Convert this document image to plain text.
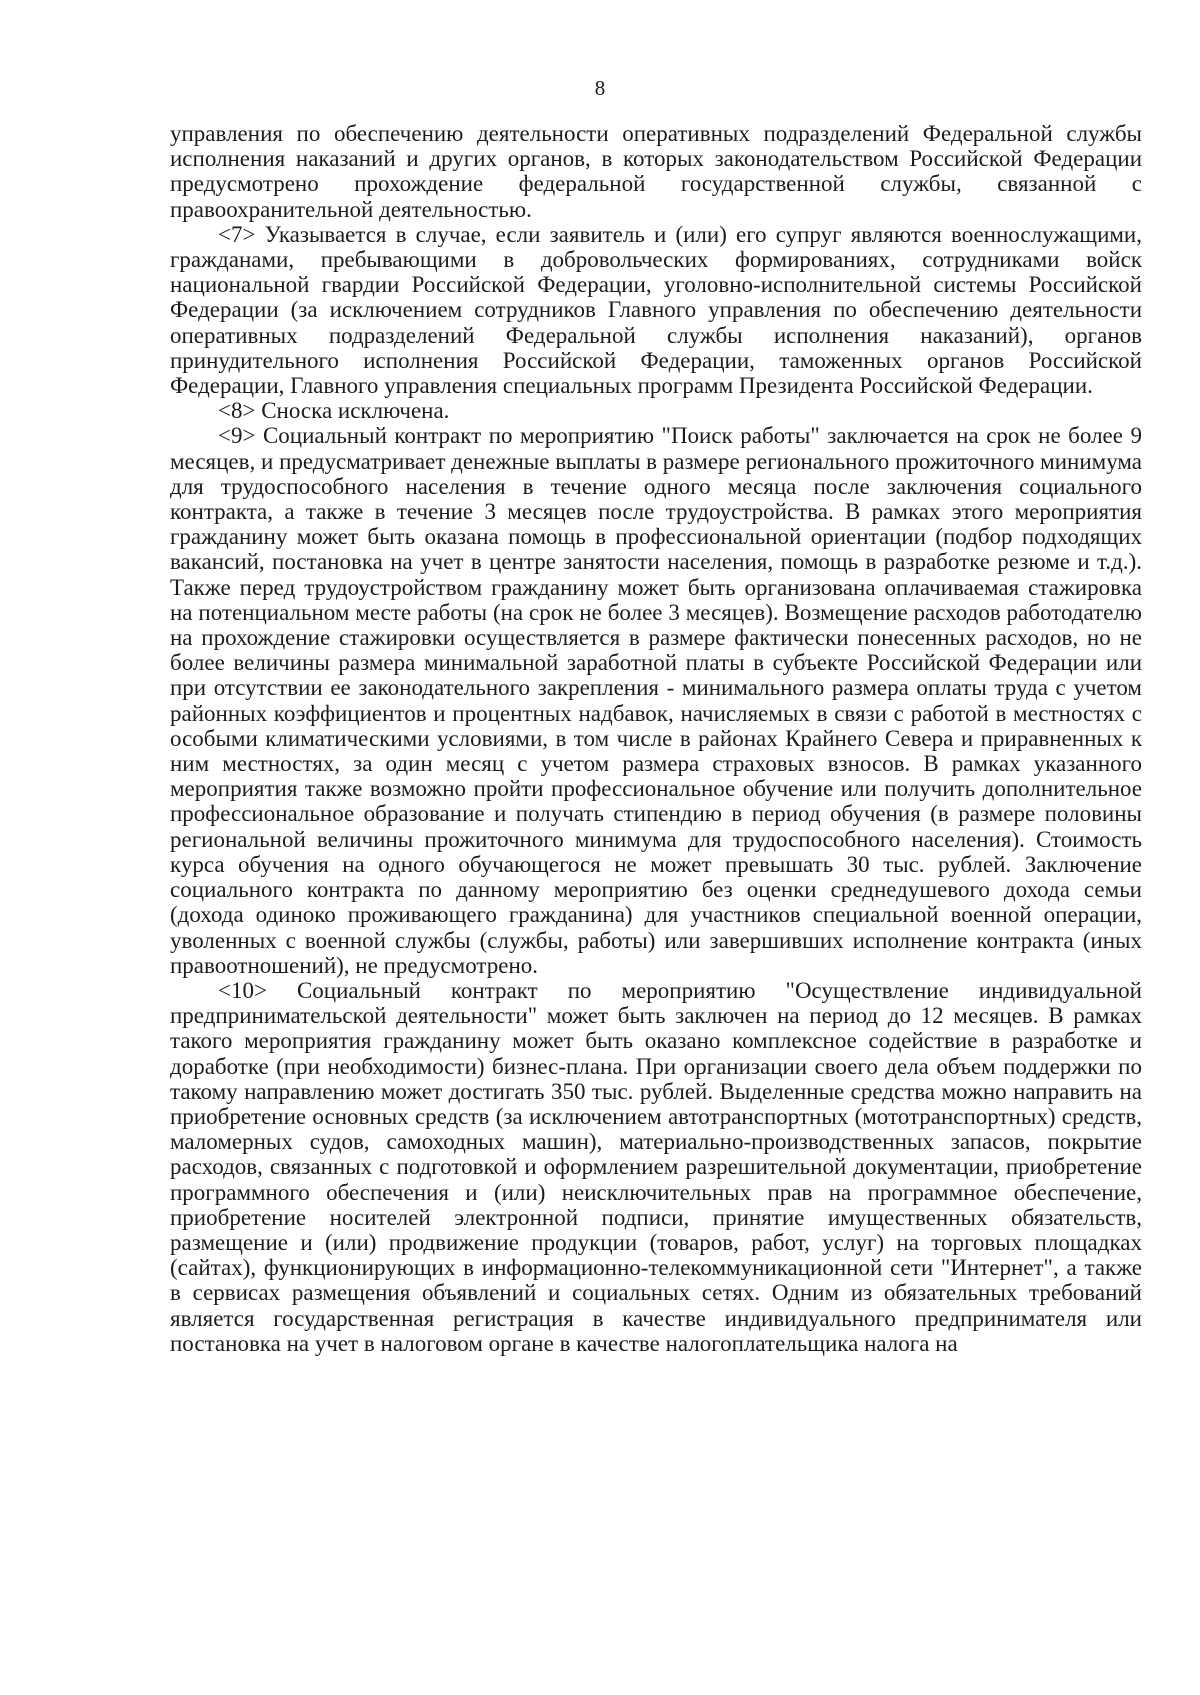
8

управления по обеспечению деятельности оперативных подразделений Федеральной службы исполнения наказаний и других органов, в которых законодательством Российской Федерации предусмотрено прохождение федеральной государственной службы, связанной с правоохранительной деятельностью.

<7> Указывается в случае, если заявитель и (или) его супруг являются военнослужащими, гражданами, пребывающими в добровольческих формированиях, сотрудниками войск национальной гвардии Российской Федерации, уголовно-исполнительной системы Российской Федерации (за исключением сотрудников Главного управления по обеспечению деятельности оперативных подразделений Федеральной службы исполнения наказаний), органов принудительного исполнения Российской Федерации, таможенных органов Российской Федерации, Главного управления специальных программ Президента Российской Федерации.

<8> Сноска исключена.

<9> Социальный контракт по мероприятию "Поиск работы" заключается на срок не более 9 месяцев, и предусматривает денежные выплаты в размере регионального прожиточного минимума для трудоспособного населения в течение одного месяца после заключения социального контракта, а также в течение 3 месяцев после трудоустройства. В рамках этого мероприятия гражданину может быть оказана помощь в профессиональной ориентации (подбор подходящих вакансий, постановка на учет в центре занятости населения, помощь в разработке резюме и т.д.). Также перед трудоустройством гражданину может быть организована оплачиваемая стажировка на потенциальном месте работы (на срок не более 3 месяцев). Возмещение расходов работодателю на прохождение стажировки осуществляется в размере фактически понесенных расходов, но не более величины размера минимальной заработной платы в субъекте Российской Федерации или при отсутствии ее законодательного закрепления - минимального размера оплаты труда с учетом районных коэффициентов и процентных надбавок, начисляемых в связи с работой в местностях с особыми климатическими условиями, в том числе в районах Крайнего Севера и приравненных к ним местностях, за один месяц с учетом размера страховых взносов. В рамках указанного мероприятия также возможно пройти профессиональное обучение или получить дополнительное профессиональное образование и получать стипендию в период обучения (в размере половины региональной величины прожиточного минимума для трудоспособного населения). Стоимость курса обучения на одного обучающегося не может превышать 30 тыс. рублей. Заключение социального контракта по данному мероприятию без оценки среднедушевого дохода семьи (дохода одиноко проживающего гражданина) для участников специальной военной операции, уволенных с военной службы (службы, работы) или завершивших исполнение контракта (иных правоотношений), не предусмотрено.

<10> Социальный контракт по мероприятию "Осуществление индивидуальной предпринимательской деятельности" может быть заключен на период до 12 месяцев. В рамках такого мероприятия гражданину может быть оказано комплексное содействие в разработке и доработке (при необходимости) бизнес-плана. При организации своего дела объем поддержки по такому направлению может достигать 350 тыс. рублей. Выделенные средства можно направить на приобретение основных средств (за исключением автотранспортных (мототранспортных) средств, маломерных судов, самоходных машин), материально-производственных запасов, покрытие расходов, связанных с подготовкой и оформлением разрешительной документации, приобретение программного обеспечения и (или) неисключительных прав на программное обеспечение, приобретение носителей электронной подписи, принятие имущественных обязательств, размещение и (или) продвижение продукции (товаров, работ, услуг) на торговых площадках (сайтах), функционирующих в информационно-телекоммуникационной сети "Интернет", а также в сервисах размещения объявлений и социальных сетях. Одним из обязательных требований является государственная регистрация в качестве индивидуального предпринимателя или постановка на учет в налоговом органе в качестве налогоплательщика налога на
